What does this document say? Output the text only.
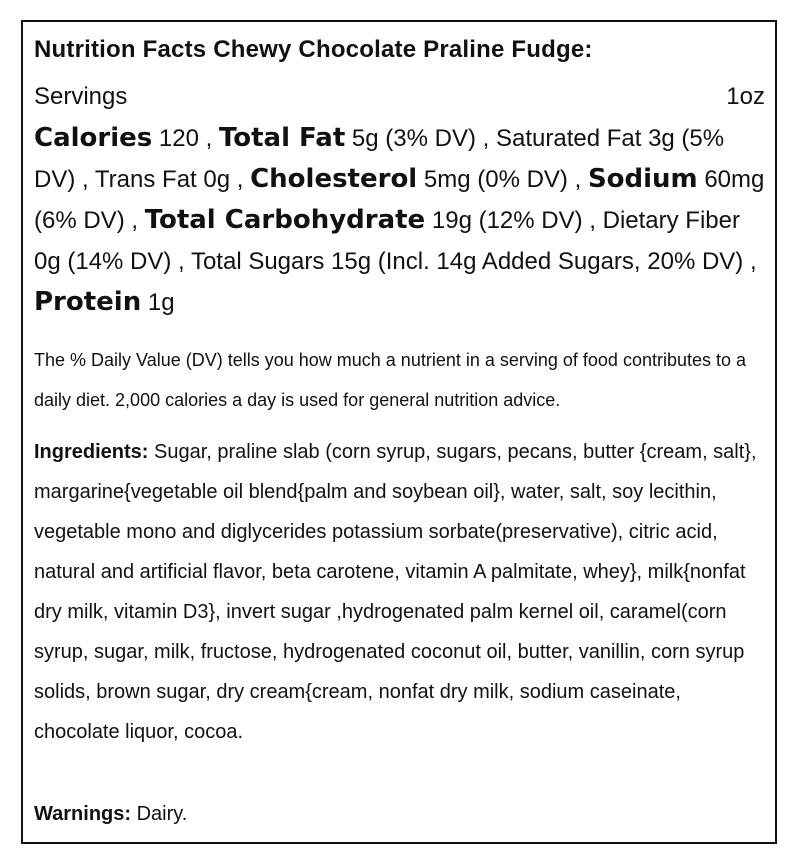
Nutrition Facts Chewy Chocolate Praline Fudge:
Servings	1oz
Calories 120 , Total Fat 5g (3% DV) , Saturated Fat 3g (5% DV) , Trans Fat 0g , Cholesterol 5mg (0% DV) , Sodium 60mg (6% DV) , Total Carbohydrate 19g (12% DV) , Dietary Fiber 0g (14% DV) , Total Sugars 15g (Incl. 14g Added Sugars, 20% DV) , Protein 1g
The % Daily Value (DV) tells you how much a nutrient in a serving of food contributes to a daily diet. 2,000 calories a day is used for general nutrition advice.
Ingredients: Sugar, praline slab (corn syrup, sugars, pecans, butter {cream, salt}, margarine{vegetable oil blend{palm and soybean oil}, water, salt, soy lecithin, vegetable mono and diglycerides potassium sorbate(preservative), citric acid, natural and artificial flavor, beta carotene, vitamin A palmitate, whey}, milk{nonfat dry milk, vitamin D3}, invert sugar ,hydrogenated palm kernel oil, caramel(corn syrup, sugar, milk, fructose, hydrogenated coconut oil, butter, vanillin, corn syrup solids, brown sugar, dry cream{cream, nonfat dry milk, sodium caseinate, chocolate liquor, cocoa.
Warnings: Dairy.
